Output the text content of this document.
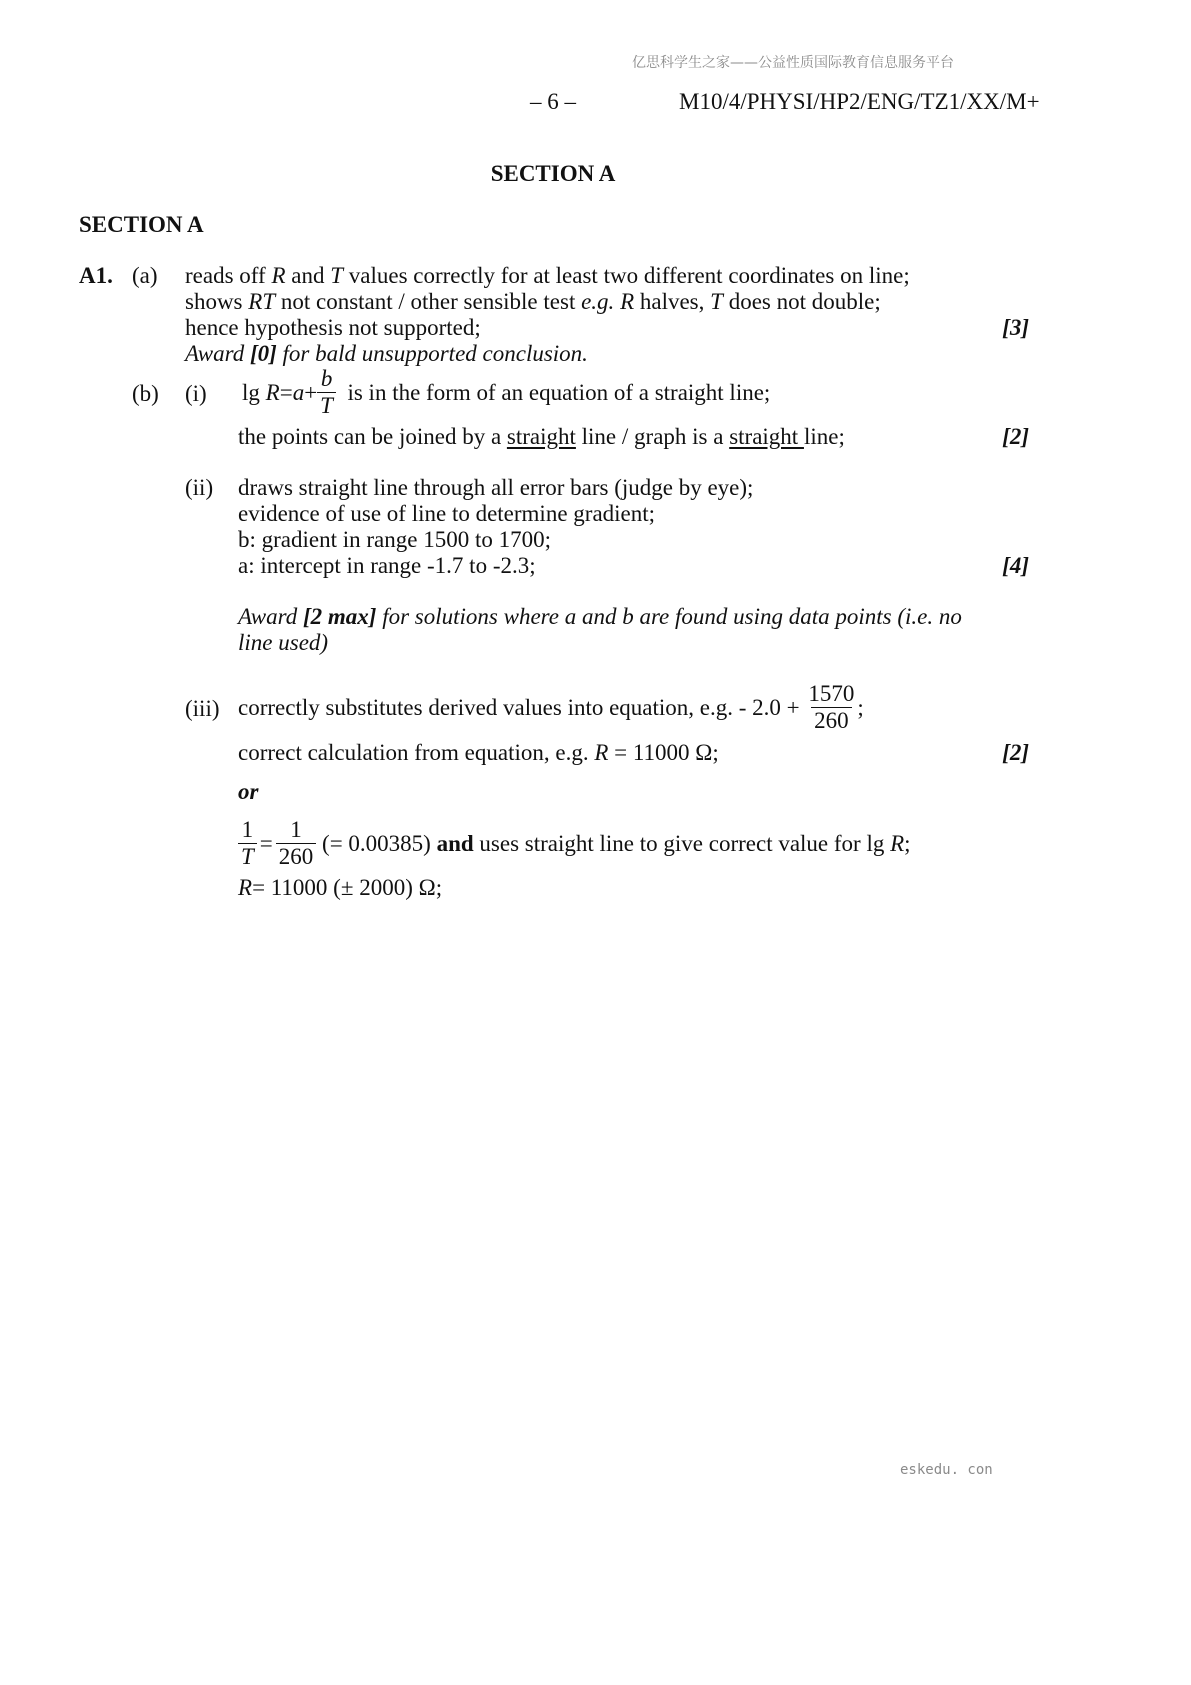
亿思科学生之家——公益性质国际教育信息服务平台
– 6 –	M10/4/PHYSI/HP2/ENG/TZ1/XX/M+
SECTION A
SECTION A
A1. (a) reads off R and T values correctly for at least two different coordinates on line;
shows RT not constant / other sensible test e.g. R halves, T does not double;
hence hypothesis not supported;	[3]
Award [0] for bald unsupported conclusion.
(b) (i) lg
$R = a + \frac{b}{T}$
is in the form of an equation of a straight line;
the points can be joined by a straight line / graph is a straight line;	[2]
(ii) draws straight line through all error bars (judge by eye);
evidence of use of line to determine gradient;
b: gradient in range 1500 to 1700;
a: intercept in range -1.7 to -2.3;	[4]
Award [2 max] for solutions where a and b are found using data points (i.e. no
line used)
(iii) correctly substitutes derived values into equation, e.g. - $2.0 + \frac{1570}{260}$ ;
correct calculation from equation, e.g. R = 11000 Ω;	[2]
or
$\frac{1}{T} = \frac{1}{260}$ (= 0.00385) and uses straight line to give correct value for lg R ;
R= 11000 (± 2000) Ω;
eskedu. con
